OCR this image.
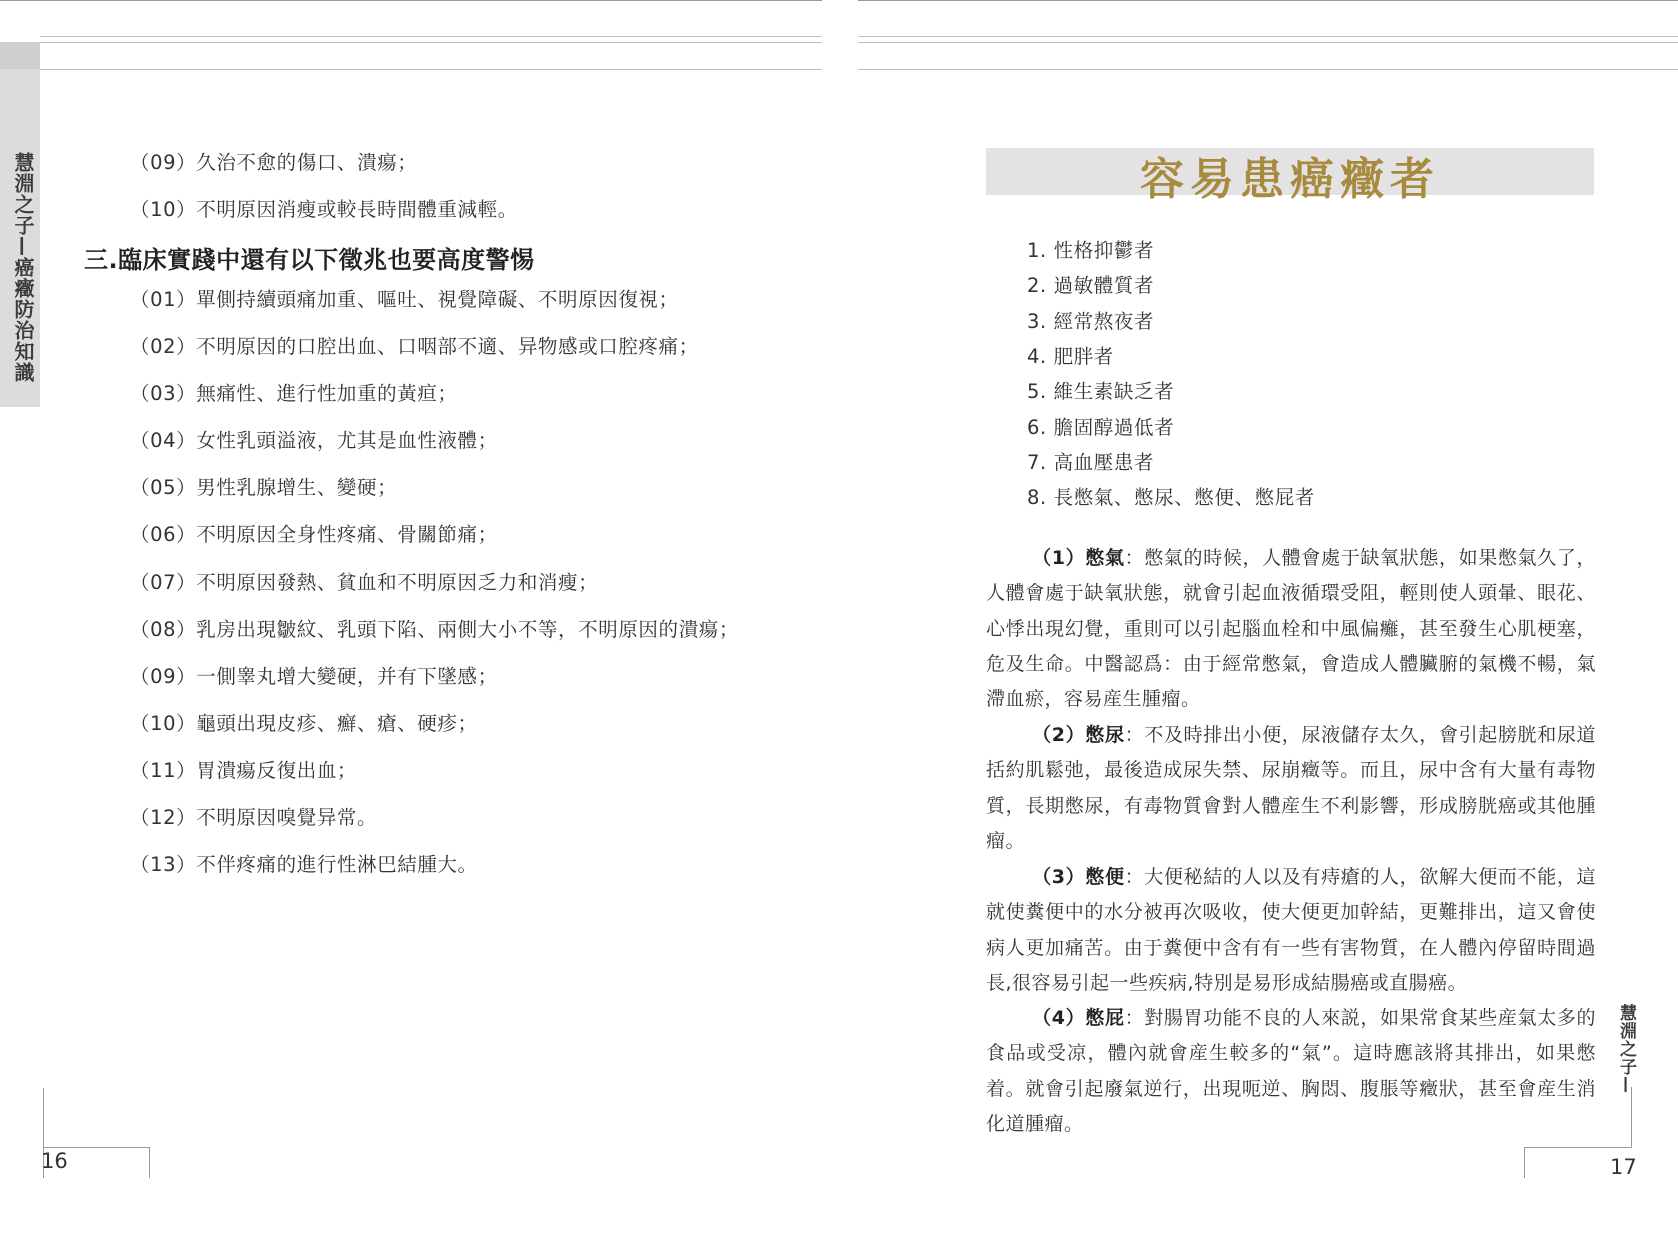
慧淵之子—癌癥防治知識	（09）久治不愈的傷口、潰瘍；
（10）不明原因消瘦或較長時間體重減輕。
三.臨床實踐中還有以下徵兆也要高度警惕
（01）單側持續頭痛加重、嘔吐、視覺障礙、不明原因復視；
（02）不明原因的口腔出血、口咽部不適、异物感或口腔疼痛；
（03）無痛性、進行性加重的黃疸；
（04）女性乳頭溢液，尤其是血性液體；
（05）男性乳腺增生、變硬；
（06）不明原因全身性疼痛、骨關節痛；
（07）不明原因發熱、貧血和不明原因乏力和消瘦；
（08）乳房出現皺紋、乳頭下陷、兩側大小不等，不明原因的潰瘍；
（09）一側睾丸增大變硬，并有下墜感；
（10）龜頭出現皮疹、癬、瘡、硬疹；
（11）胃潰瘍反復出血；
（12）不明原因嗅覺异常。
（13）不伴疼痛的進行性淋巴結腫大。
16
容易患癌癥者
1. 性格抑鬱者
2. 過敏體質者
3. 經常熬夜者
4. 肥胖者
5. 維生素缺乏者
6. 膽固醇過低者
7. 高血壓患者
8. 長憋氣、憋尿、憋便、憋屁者
（1）憋氣：憋氣的時候，人體會處于缺氧狀態，如果憋氣久了，人體會處于缺氧狀態，就會引起血液循環受阻，輕則使人頭暈、眼花、心悸出現幻覺，重則可以引起腦血栓和中風偏癱，甚至發生心肌梗塞，危及生命。中醫認爲：由于經常憋氣，會造成人體臟腑的氣機不暢，氣滯血瘀，容易産生腫瘤。
（2）憋尿：不及時排出小便，尿液儲存太久，會引起膀胱和尿道括約肌鬆弛，最後造成尿失禁、尿崩癥等。而且，尿中含有大量有毒物質，長期憋尿，有毒物質會對人體産生不利影響，形成膀胱癌或其他腫瘤。
（3）憋便：大便秘結的人以及有痔瘡的人，欲解大便而不能，這就使糞便中的水分被再次吸收，使大便更加幹結，更難排出，這又會使病人更加痛苦。由于糞便中含有有一些有害物質，在人體內停留時間過長,很容易引起一些疾病,特別是易形成結腸癌或直腸癌。
（4）憋屁：對腸胃功能不良的人來説，如果常食某些産氣太多的食品或受凉，體內就會産生較多的“氣”。這時應該將其排出，如果憋着。就會引起廢氣逆行，出現呃逆、胸悶、腹脹等癥狀，甚至會産生消化道腫瘤。
慧淵之子—
17
